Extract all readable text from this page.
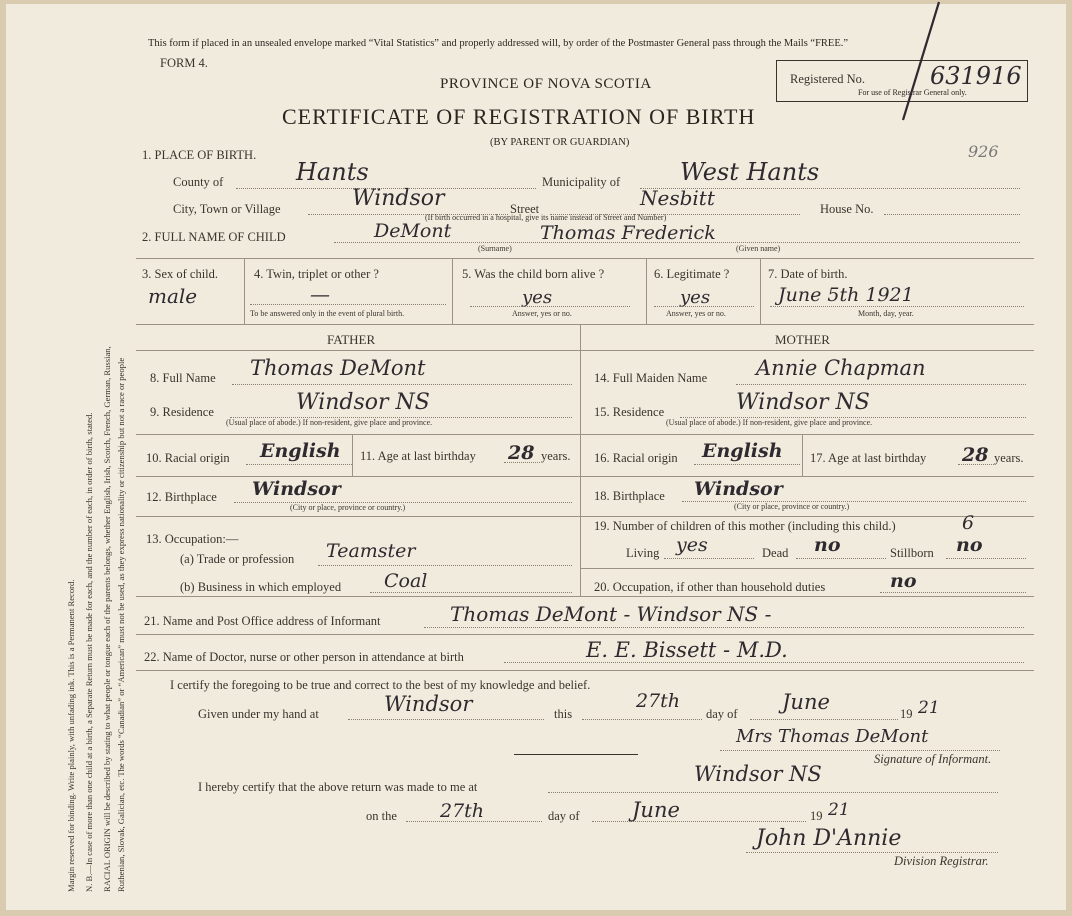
Margin reserved for binding. Write plainly, with unfading ink. This is a Permanent Record. N. B.—In case of more than one child at a birth, a Separate Return must be made for each, and the number of each, in order of birth, stated. RACIAL ORIGIN will be described by stating to what people or tongue each of the parents belongs, whether English, Irish, Scotch, French, German, Russian, Ruthenian, Slovak, Galician, etc. The words “Canadian” or “American” must not be used, as they express nationality or citizenship but not a race or people
This form if placed in an unsealed envelope marked “Vital Statistics” and properly addressed will, by order of the Postmaster General pass through the Mails “FREE.”
FORM 4.
PROVINCE OF NOVA SCOTIA
CERTIFICATE OF REGISTRATION OF BIRTH
(BY PARENT OR GUARDIAN)
Registered No.	631916
For use of Registrar General only.
926
1. PLACE OF BIRTH.
County of	Hants	Municipality of West Hants
City, Town or Village	Windsor	Street	Nesbitt	House No.
(If birth occurred in a hospital, give its name instead of Street and Number)
2. FULL NAME OF CHILD	DeMont	Thomas Frederick
(Surname)	(Given name)
3. Sex of child.
male
4. Twin, triplet or other ?
—
To be answered only in the event of plural birth.
5. Was the child born alive ?
yes
Answer, yes or no.
6. Legitimate ?
yes
Answer, yes or no.
7. Date of birth.
June 5th 1921
Month, day, year.
FATHER	MOTHER
8. Full Name Thomas DeMont
9. Residence	Windsor NS
(Usual place of abode.) If non-resident, give place and province.
10. Racial origin English 11. Age at last birthday 28 years.
12. Birthplace Windsor
(City or place, province or country.)
13. Occupation:—
(a) Trade or profession Teamster
(b) Business in which employed Coal
14. Full Maiden Name Annie Chapman
15. Residence	Windsor NS
(Usual place of abode.) If non-resident, give place and province.
16. Racial origin English 17. Age at last birthday 28 years.
18. Birthplace Windsor
(City or place, province or country.)
19. Number of children of this mother (including this child.)	6
Living yes	Dead no	Stillborn no
20. Occupation, if other than household duties	no
21. Name and Post Office address of Informant	Thomas DeMont - Windsor NS -
22. Name of Doctor, nurse or other person in attendance at birth	E. E. Bissett - M.D.
I certify the foregoing to be true and correct to the best of my knowledge and belief.
Given under my hand at	Windsor	this
27th
day of June	19 21
Mrs Thomas DeMont
Signature of Informant.
I hereby certify that the above return was made to me at
Windsor NS
on the 27th	day of June	19 21
John D'Annie
Division Registrar.
